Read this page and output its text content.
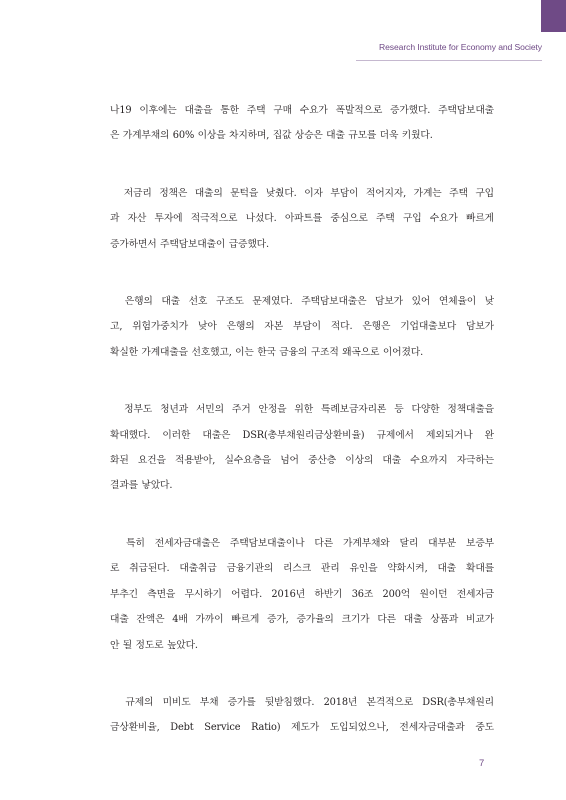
Research Institute for Economy and Society

나19 이후에는 대출을 통한 주택 구매 수요가 폭발적으로 증가했다. 주택담보대출
은 가계부채의 60% 이상을 차지하며, 집값 상승은 대출 규모를 더욱 키웠다.

　저금리 정책은 대출의 문턱을 낮췄다. 이자 부담이 적어지자, 가계는 주택 구입
과 자산 투자에 적극적으로 나섰다. 아파트를 중심으로 주택 구입 수요가 빠르게
증가하면서 주택담보대출이 급증했다.

　은행의 대출 선호 구조도 문제였다. 주택담보대출은 담보가 있어 연체율이 낮
고, 위험가중치가 낮아 은행의 자본 부담이 적다. 은행은 기업대출보다 담보가
확실한 가계대출을 선호했고, 이는 한국 금융의 구조적 왜곡으로 이어졌다.

　정부도 청년과 서민의 주거 안정을 위한 특례보금자리론 등 다양한 정책대출을
확대했다. 이러한 대출은 DSR(총부채원리금상환비율) 규제에서 제외되거나 완
화된 요건을 적용받아, 실수요층을 넘어 중산층 이상의 대출 수요까지 자극하는
결과를 낳았다.

　특히 전세자금대출은 주택담보대출이나 다른 가계부채와 달리 대부분 보증부
로 취급된다. 대출취급 금융기관의 리스크 관리 유인을 약화시켜, 대출 확대를
부추긴 측면을 무시하기 어렵다. 2016년 하반기 36조 200억 원이던 전세자금
대출 잔액은 4배 가까이 빠르게 증가, 증가율의 크기가 다른 대출 상품과 비교가
안 될 정도로 높았다.

　규제의 미비도 부채 증가를 뒷받침했다. 2018년 본격적으로 DSR(총부채원리
금상환비율, Debt Service Ratio) 제도가 도입되었으나, 전세자금대출과 중도

7
